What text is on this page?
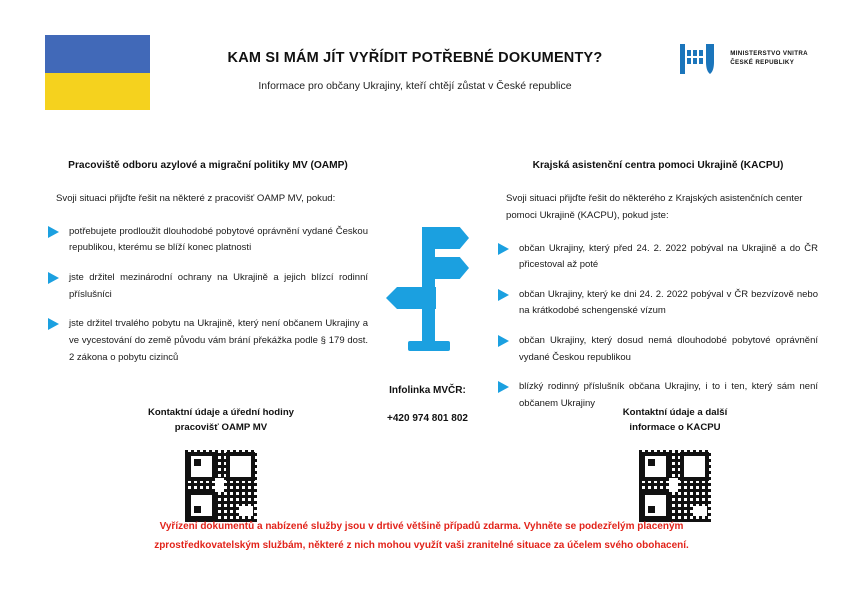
KAM SI MÁM JÍT VYŘÍDIT POTŘEBNÉ DOKUMENTY?
Informace pro občany Ukrajiny, kteří chtějí zůstat v České republice
MINISTERSTVO VNITRA
ČESKÉ REPUBLIKY
Pracoviště odboru azylové a migrační politiky MV (OAMP)
Svoji situaci přijďte řešit na některé z pracovišť OAMP MV, pokud:
potřebujete prodloužit dlouhodobé pobytové oprávnění vydané Českou republikou, kterému se blíží konec platnosti
jste držitel mezinárodní ochrany na Ukrajině a jejich blízcí rodinní příslušníci
jste držitel trvalého pobytu na Ukrajině, který není občanem Ukrajiny a ve vycestování do země původu vám brání překážka podle § 179 dost. 2 zákona o pobytu cizinců
Krajská asistenční centra pomoci Ukrajině (KACPU)
Svoji situaci přijďte řešit do některého z Krajských asistenčních center pomoci Ukrajině (KACPU), pokud jste:
občan Ukrajiny, který před 24. 2. 2022 pobýval na Ukrajině a do ČR přicestoval až poté
občan Ukrajiny, který ke dni 24. 2. 2022 pobýval v ČR bezvízově nebo na krátkodobé schengenské vízum
občan Ukrajiny, který dosud nemá dlouhodobé pobytové oprávnění vydané Českou republikou
blízký rodinný příslušník občana Ukrajiny, i to i ten, který sám není občanem Ukrajiny
Infolinka MVČR:
+420 974 801 802
Kontaktní údaje a úřední hodiny
pracovišť OAMP MV
Kontaktní údaje a další
informace o KACPU
Vyřízení dokumentů a nabízené služby jsou v drtivé většině případů zdarma. Vyhněte se podezřelým placeným
zprostředkovatelským službám, některé z nich mohou využít vaši zranitelné situace za účelem svého obohacení.
